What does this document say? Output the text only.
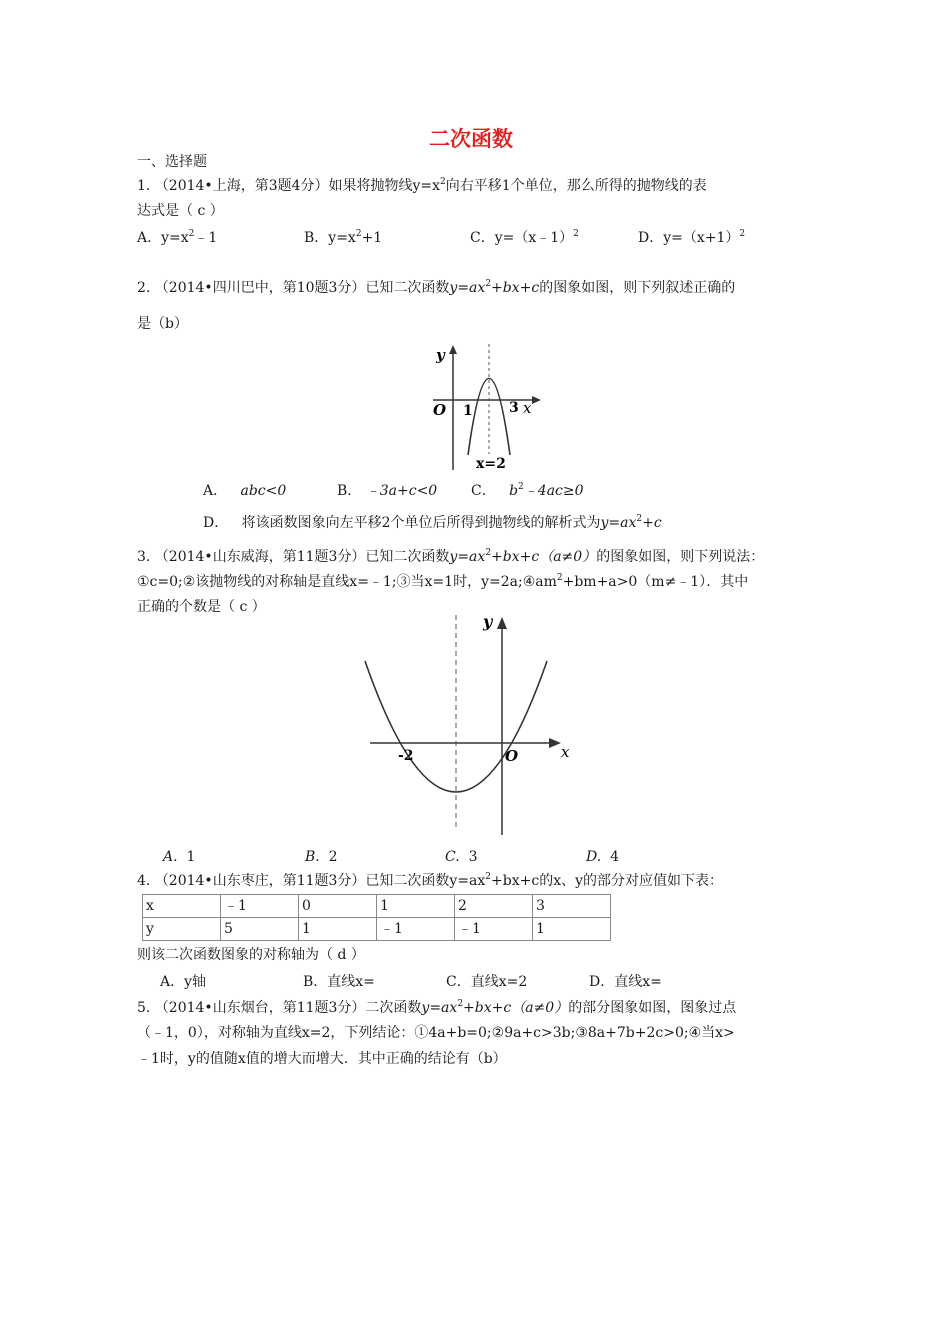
二次函数
一、选择题
1. （2014•上海，第3题4分）如果将抛物线$y=x^2$向右平移1个单位，那么所得的抛物线的表
达式是（ c ）
A．$y=x^2﹣1$	B．$y=x^2+1$	C．y=（x﹣1）$^2$	D．$y=(x+1)^2$
2. （2014•四川巴中，第10题3分）已知二次函数$y=ax^2+bx+c$的图象如图，则下列叙述正确的
是（b）
y
x
O 1	3
x=2
A． abc<0	B． ﹣3a+c<0 C． $b^2﹣4ac\ge 0$
D． 将该函数图象向左平移2个单位后所得到抛物线的解析式为$y=ax^2+c$
3. （2014•山东威海，第11题3分）已知二次函数$y=ax^2+bx+c(a\ne 0)$的图象如图，则下列说法：
①c=0;②该抛物线的对称轴是直线x=﹣1;③当x=1时，$y=2a;④am^2+bm+a>0(m\ne﹣1)$．其中
正确的个数是（ c ）
y
x
O
-2
A. 1	B. 2	C. 3	D. 4
4. （2014•山东枣庄，第11题3分）已知二次函数$y=ax^2+bx+c$的x、y的部分对应值如下表：
x	﹣1	0	1	2	3
y	5	1	﹣1	﹣1	1
则该二次函数图象的对称轴为（ d ）
A．y轴	B．直线x=	C．直线x=2	D．直线x=
5. （2014•山东烟台，第11题3分）二次函数$y=ax^2+bx+c(a\ne 0)$的部分图象如图，图象过点
（﹣1，0），对称轴为直线x=2，下列结论：①4a+b=0;②9a+c>3b;③8a+7b+2c>0;④当x>
﹣1时，y的值随x值的增大而增大．其中正确的结论有（b）
